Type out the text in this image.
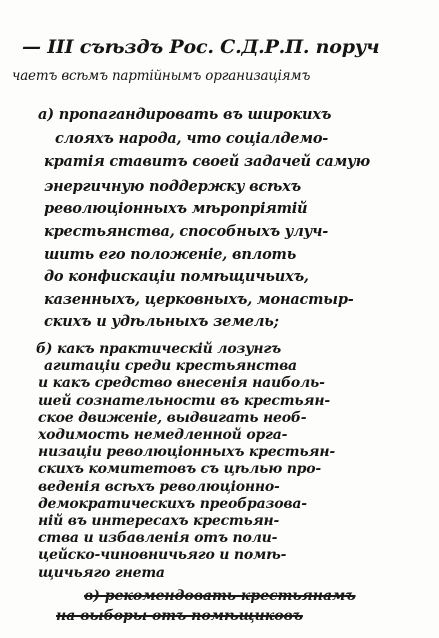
— III съѣздъ Рос. С.Д.Р.П. поруч
чаетъ всѣмъ партійнымъ организаціямъ
а) пропагандировать въ широкихъ
слояхъ народа, что соціалдемо-
кратія ставитъ своей задачей самую
энергичную поддержку всѣхъ
революціонныхъ мѣропріятій
крестьянства, способныхъ улуч-
шить его положеніе, вплоть
до конфискаціи помѣщичьихъ,
казенныхъ, церковныхъ, монастыр-
скихъ и удѣльныхъ земель;
б) какъ практическій лозунгъ
агитаціи среди крестьянства
и какъ средство внесенія наиболь-
шей сознательности въ крестьян-
ское движеніе, выдвигать необ-
ходимость немедленной орга-
низаціи революціонныхъ крестьян-
скихъ комитетовъ съ цѣлью про-
веденія всѣхъ революціонно-
демократическихъ преобразова-
ній въ интересахъ крестьян-
ства и избавленія отъ поли-
цейско-чиновничьяго и помѣ-
щичьяго гнета
в) рекомендовать крестьянамъ
на выборы отъ помѣщиковъ
